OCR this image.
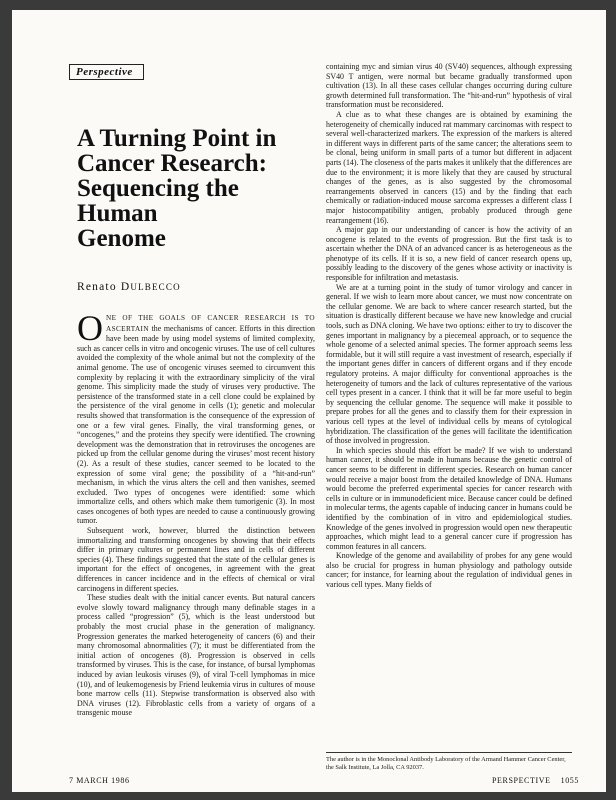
Perspective
A Turning Point in
Cancer Research:
Sequencing the Human
Genome
Renato DULBECCO

ONE OF THE GOALS OF CANCER RESEARCH IS TO ASCERTAIN the mechanisms of cancer. Efforts in this direction have been made by using model systems of limited complexity, such as cancer cells in vitro and oncogenic viruses. The use of cell cultures avoided the complexity of the whole animal but not the complexity of the animal genome. The use of oncogenic viruses seemed to circumvent this complexity by replacing it with the extraordinary simplicity of the viral genome. This simplicity made the study of viruses very productive. The persistence of the transformed state in a cell clone could be explained by the persistence of the viral genome in cells (1); genetic and molecular results showed that transformation is the consequence of the expression of one or a few viral genes. Finally, the viral transforming genes, or “oncogenes,” and the proteins they specify were identified. The crowning development was the demonstration that in retroviruses the oncogenes are picked up from the cellular genome during the viruses’ most recent history (2). As a result of these studies, cancer seemed to be located to the expression of some viral gene; the possibility of a “hit-and-run” mechanism, in which the virus alters the cell and then vanishes, seemed excluded. Two types of oncogenes were identified: some which immortalize cells, and others which make them tumorigenic (3). In most cases oncogenes of both types are needed to cause a continuously growing tumor.

Subsequent work, however, blurred the distinction between immortalizing and transforming oncogenes by showing that their effects differ in primary cultures or permanent lines and in cells of different species (4). These findings suggested that the state of the cellular genes is important for the effect of oncogenes, in agreement with the great differences in cancer incidence and in the effects of chemical or viral carcinogens in different species.

These studies dealt with the initial cancer events. But natural cancers evolve slowly toward malignancy through many definable stages in a process called “progression” (5), which is the least understood but probably the most crucial phase in the generation of malignancy. Progression generates the marked heterogeneity of cancers (6) and their many chromosomal abnormalities (7); it must be differentiated from the initial action of oncogenes (8). Progression is observed in cells transformed by viruses. This is the case, for instance, of bursal lymphomas induced by avian leukosis viruses (9), of viral T-cell lymphomas in mice (10), and of leukemogenesis by Friend leukemia virus in cultures of mouse bone marrow cells (11). Stepwise transformation is observed also with DNA viruses (12). Fibroblastic cells from a variety of organs of a transgenic mouse

containing myc and simian virus 40 (SV40) sequences, although expressing SV40 T antigen, were normal but became gradually transformed upon cultivation (13). In all these cases cellular changes occurring during culture growth determined full transformation. The “hit-and-run” hypothesis of viral transformation must be reconsidered.

A clue as to what these changes are is obtained by examining the heterogeneity of chemically induced rat mammary carcinomas with respect to several well-characterized markers. The expression of the markers is altered in different ways in different parts of the same cancer; the alterations seem to be clonal, being uniform in small parts of a tumor but different in adjacent parts (14). The closeness of the parts makes it unlikely that the differences are due to the environment; it is more likely that they are caused by structural changes of the genes, as is also suggested by the chromosomal rearrangements observed in cancers (15) and by the finding that each chemically or radiation-induced mouse sarcoma expresses a different class I major histocompatibility antigen, probably produced through gene rearrangement (16).

A major gap in our understanding of cancer is how the activity of an oncogene is related to the events of progression. But the first task is to ascertain whether the DNA of an advanced cancer is as heterogeneous as the phenotype of its cells. If it is so, a new field of cancer research opens up, possibly leading to the discovery of the genes whose activity or inactivity is responsible for infiltration and metastasis.

We are at a turning point in the study of tumor virology and cancer in general. If we wish to learn more about cancer, we must now concentrate on the cellular genome. We are back to where cancer research started, but the situation is drastically different because we have new knowledge and crucial tools, such as DNA cloning. We have two options: either to try to discover the genes important in malignancy by a piecemeal approach, or to sequence the whole genome of a selected animal species. The former approach seems less formidable, but it will still require a vast investment of research, especially if the important genes differ in cancers of different organs and if they encode regulatory proteins. A major difficulty for conventional approaches is the heterogeneity of tumors and the lack of cultures representative of the various cell types present in a cancer. I think that it will be far more useful to begin by sequencing the cellular genome. The sequence will make it possible to prepare probes for all the genes and to classify them for their expression in various cell types at the level of individual cells by means of cytological hybridization. The classification of the genes will facilitate the identification of those involved in progression.

In which species should this effort be made? If we wish to understand human cancer, it should be made in humans because the genetic control of cancer seems to be different in different species. Research on human cancer would receive a major boost from the detailed knowledge of DNA. Humans would become the preferred experimental species for cancer research with cells in culture or in immunodeficient mice. Because cancer could be defined in molecular terms, the agents capable of inducing cancer in humans could be identified by the combination of in vitro and epidemiological studies. Knowledge of the genes involved in progression would open new therapeutic approaches, which might lead to a general cancer cure if progression has common features in all cancers.

Knowledge of the genome and availability of probes for any gene would also be crucial for progress in human physiology and pathology outside cancer; for instance, for learning about the regulation of individual genes in various cell types. Many fields of

The author is in the Monoclonal Antibody Laboratory of the Armand Hammer Cancer Center, the Salk Institute, La Jolla, CA 92037.
7 MARCH 1986	PERSPECTIVE 1055
